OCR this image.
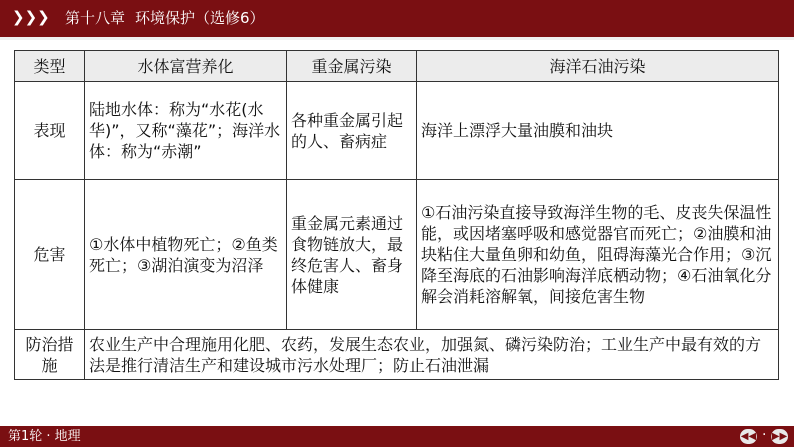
❯❯❯ 第十八章 环境保护（选修6）
类型	水体富营养化	重金属污染	海洋石油污染
表现	陆地水体：称为“水花(水华)”，又称“藻花”；海洋水体：称为“赤潮”	各种重金属引起的人、畜病症	海洋上漂浮大量油膜和油块
危害	①水体中植物死亡；②鱼类死亡；③湖泊演变为沼泽	重金属元素通过食物链放大，最终危害人、畜身体健康	①石油污染直接导致海洋生物的毛、皮丧失保温性能，或因堵塞呼吸和感觉器官而死亡；②油膜和油块粘住大量鱼卵和幼鱼，阻碍海藻光合作用；③沉降至海底的石油影响海洋底栖动物；④石油氧化分解会消耗溶解氧，间接危害生物
防治措施	农业生产中合理施用化肥、农药，发展生态农业，加强氮、磷污染防治；工业生产中最有效的方法是推行清洁生产和建设城市污水处理厂；防止石油泄漏		
第1轮 · 地理	◀◀ · ▶▶
